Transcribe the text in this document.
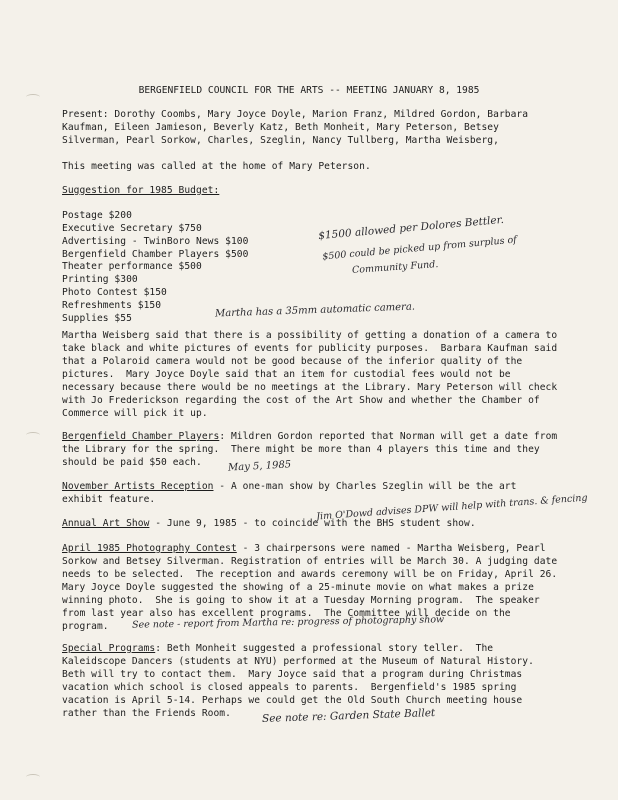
BERGENFIELD COUNCIL FOR THE ARTS -- MEETING JANUARY 8, 1985
Present: Dorothy Coombs, Mary Joyce Doyle, Marion Franz, Mildred Gordon, Barbara
Kaufman, Eileen Jamieson, Beverly Katz, Beth Monheit, Mary Peterson, Betsey
Silverman, Pearl Sorkow, Charles, Szeglin, Nancy Tullberg, Martha Weisberg,
This meeting was called at the home of Mary Peterson.
Suggestion for 1985 Budget:
Postage $200
Executive Secretary $750
Advertising - TwinBoro News $100
Bergenfield Chamber Players $500
Theater performance $500
Printing $300
Photo Contest $150
Refreshments $150
Supplies $55
$1500 allowed per Dolores Bettler.
$500 could be picked up from surplus of
Community Fund.
Martha has a 35mm automatic camera.
Martha Weisberg said that there is a possibility of getting a donation of a camera to
take black and white pictures of events for publicity purposes.  Barbara Kaufman said
that a Polaroid camera would not be good because of the inferior quality of the
pictures.  Mary Joyce Doyle said that an item for custodial fees would not be
necessary because there would be no meetings at the Library. Mary Peterson will check
with Jo Frederickson regarding the cost of the Art Show and whether the Chamber of
Commerce will pick it up.
Bergenfield Chamber Players: Mildren Gordon reported that Norman will get a date from
the Library for the spring.  There might be more than 4 players this time and they
should be paid $50 each.	May 5, 1985
November Artists Reception - A one-man show by Charles Szeglin will be the art
exhibit feature.	Jim O'Dowd advises DPW will help with trans. & fencing
Annual Art Show - June 9, 1985 - to coincide with the BHS student show.
April 1985 Photography Contest - 3 chairpersons were named - Martha Weisberg, Pearl
Sorkow and Betsey Silverman. Registration of entries will be March 30. A judging date
needs to be selected.  The reception and awards ceremony will be on Friday, April 26.
Mary Joyce Doyle suggested the showing of a 25-minute movie on what makes a prize
winning photo.  She is going to show it at a Tuesday Morning program.  The speaker
from last year also has excellent programs.  The Committee will decide on the
program. See note - report from Martha re: progress of photography show
Special Programs: Beth Monheit suggested a professional story teller.  The
Kaleidscope Dancers (students at NYU) performed at the Museum of Natural History.
Beth will try to contact them.  Mary Joyce said that a program during Christmas
vacation which school is closed appeals to parents.  Bergenfield's 1985 spring
vacation is April 5-14. Perhaps we could get the Old South Church meeting house
rather than the Friends Room.	See note re: Garden State Ballet
